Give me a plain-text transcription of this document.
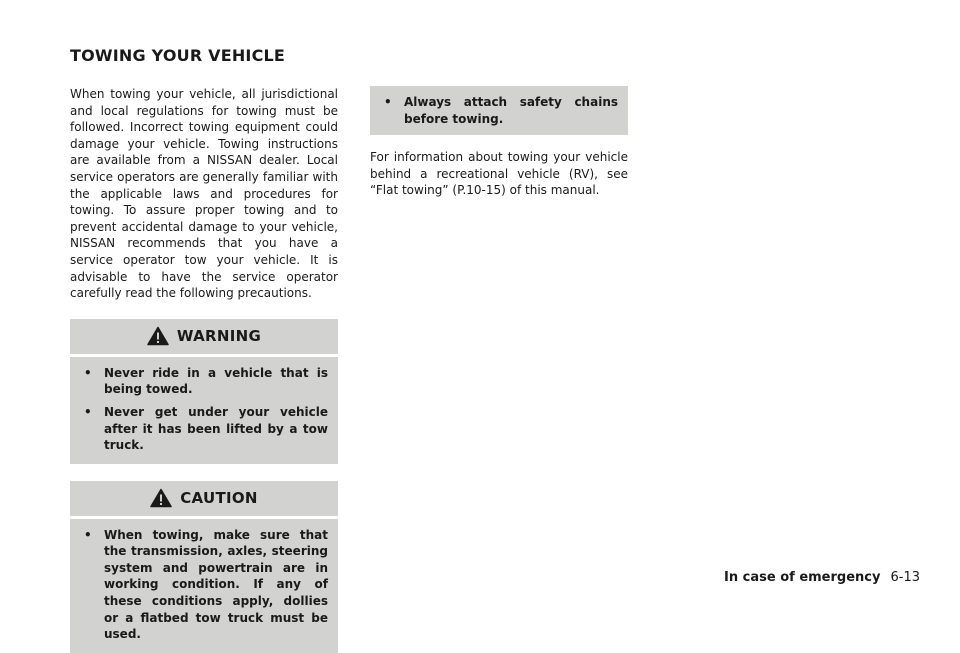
TOWING YOUR VEHICLE

When towing your vehicle, all jurisdictional and local regulations for towing must be followed. Incorrect towing equipment could damage your vehicle. Towing instructions are available from a NISSAN dealer. Local service operators are generally familiar with the applicable laws and procedures for towing. To assure proper towing and to prevent accidental damage to your vehicle, NISSAN recommends that you have a service operator tow your vehicle. It is advisable to have the service operator carefully read the following precautions.

WARNING
•	Never ride in a vehicle that is being towed.
•	Never get under your vehicle after it has been lifted by a tow truck.
CAUTION
•	When towing, make sure that the transmission, axles, steering system and powertrain are in working condition. If any of these conditions apply, dollies or a flatbed tow truck must be used.
•	Always attach safety chains before towing.

For information about towing your vehicle behind a recreational vehicle (RV), see “Flat towing” (P.10-15) of this manual.

In case of emergency 6-13
